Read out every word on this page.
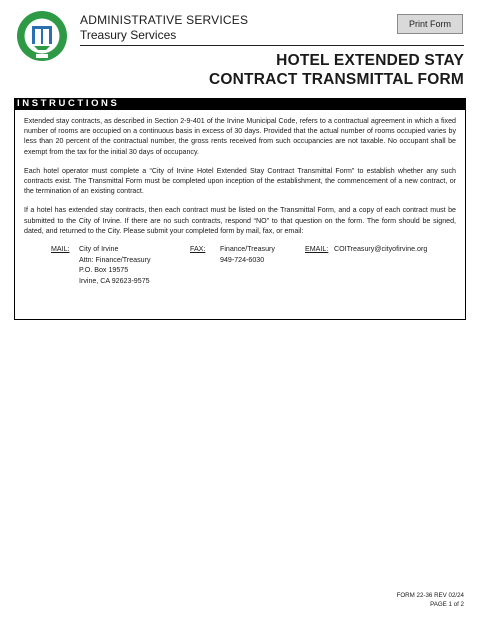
ADMINISTRATIVE SERVICES
Treasury Services
Print Form
HOTEL EXTENDED STAY
CONTRACT TRANSMITTAL FORM
INSTRUCTIONS

Extended stay contracts, as described in Section 2-9-401 of the Irvine Municipal Code, refers to a contractual agreement in which a fixed number of rooms are occupied on a continuous basis in excess of 30 days. Provided that the actual number of rooms occupied varies by less than 20 percent of the contractual number, the gross rents received from such occupancies are not taxable. No occupant shall be exempt from the tax for the initial 30 days of occupancy.

Each hotel operator must complete a “City of Irvine Hotel Extended Stay Contract Transmittal Form” to establish whether any such contracts exist. The Transmittal Form must be completed upon inception of the establishment, the commencement of a new contract, or the termination of an existing contract.

If a hotel has extended stay contracts, then each contract must be listed on the Transmittal Form, and a copy of each contract must be submitted to the City of Irvine. If there are no such contracts, respond “NO” to that question on the form. The form should be signed, dated, and returned to the City. Please submit your completed form by mail, fax, or email:

MAIL: City of Irvine
Attn: Finance/Treasury
P.O. Box 19575
Irvine, CA 92623-9575
FAX: Finance/Treasury
949-724-6030
EMAIL: COITreasury@cityofirvine.org
FORM 22-36 REV 02/24
PAGE 1 of 2
